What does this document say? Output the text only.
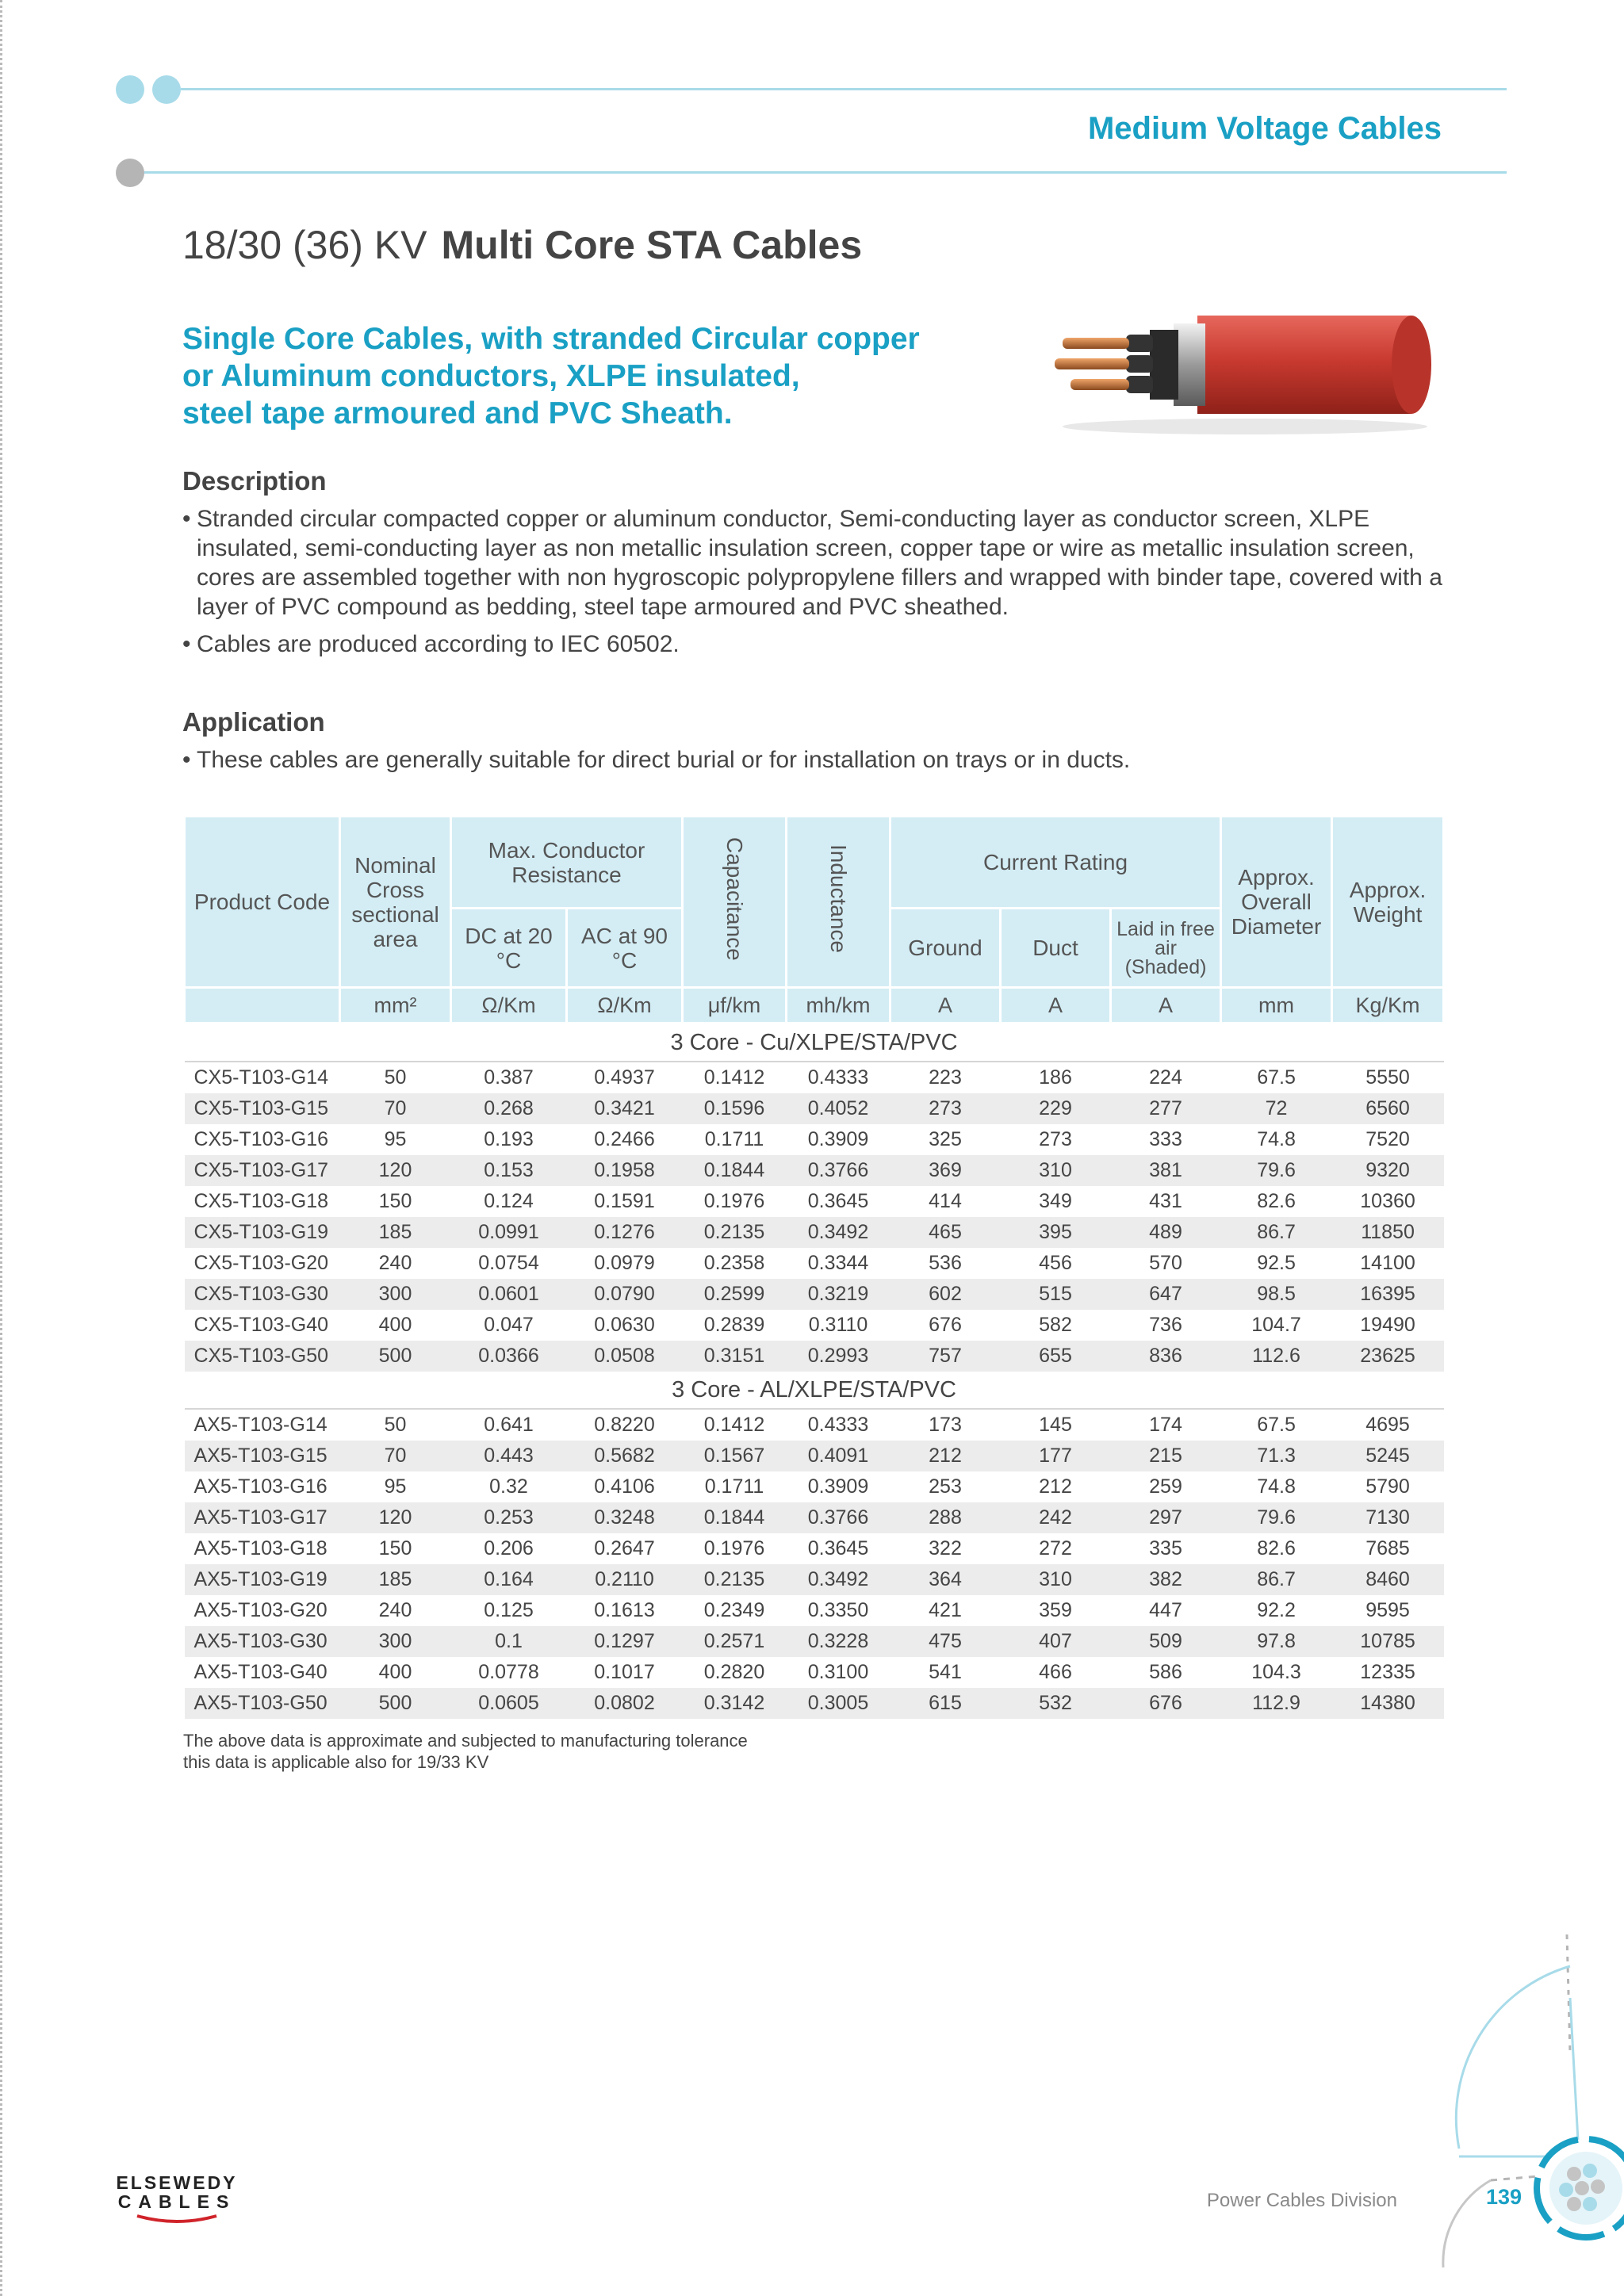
Medium Voltage Cables
18/30 (36) KV Multi Core STA Cables
Single Core Cables, with stranded Circular copper
or Aluminum conductors, XLPE insulated,
steel tape armoured and PVC Sheath.
Description
• Stranded circular compacted copper or aluminum conductor, Semi-conducting layer as conductor screen, XLPE insulated, semi-conducting layer as non metallic insulation screen, copper tape or wire as metallic insulation screen, cores are assembled together with non hygroscopic polypropylene fillers and wrapped with binder tape, covered with a layer of PVC compound as bedding, steel tape armoured and PVC sheathed.
• Cables are produced according to IEC 60502.
Application
• These cables are generally suitable for direct burial or for installation on trays or in ducts.
Product Code	Nominal Cross sectional area	Max. Conductor Resistance		Capacitance	Inductance	Current Rating			Approx. Overall Diameter	Approx. Weight
		DC at 20 °C	AC at 90 °C			Ground	Duct	Laid in free air (Shaded)		
	mm²	Ω/Km	Ω/Km	μf/km	mh/km	A	A	A	mm	Kg/Km
3 Core - Cu/XLPE/STA/PVC										
CX5-T103-G14	50	0.387	0.4937	0.1412	0.4333	223	186	224	67.5	5550
CX5-T103-G15	70	0.268	0.3421	0.1596	0.4052	273	229	277	72	6560
CX5-T103-G16	95	0.193	0.2466	0.1711	0.3909	325	273	333	74.8	7520
CX5-T103-G17	120	0.153	0.1958	0.1844	0.3766	369	310	381	79.6	9320
CX5-T103-G18	150	0.124	0.1591	0.1976	0.3645	414	349	431	82.6	10360
CX5-T103-G19	185	0.0991	0.1276	0.2135	0.3492	465	395	489	86.7	11850
CX5-T103-G20	240	0.0754	0.0979	0.2358	0.3344	536	456	570	92.5	14100
CX5-T103-G30	300	0.0601	0.0790	0.2599	0.3219	602	515	647	98.5	16395
CX5-T103-G40	400	0.047	0.0630	0.2839	0.3110	676	582	736	104.7	19490
CX5-T103-G50	500	0.0366	0.0508	0.3151	0.2993	757	655	836	112.6	23625
3 Core - AL/XLPE/STA/PVC										
AX5-T103-G14	50	0.641	0.8220	0.1412	0.4333	173	145	174	67.5	4695
AX5-T103-G15	70	0.443	0.5682	0.1567	0.4091	212	177	215	71.3	5245
AX5-T103-G16	95	0.32	0.4106	0.1711	0.3909	253	212	259	74.8	5790
AX5-T103-G17	120	0.253	0.3248	0.1844	0.3766	288	242	297	79.6	7130
AX5-T103-G18	150	0.206	0.2647	0.1976	0.3645	322	272	335	82.6	7685
AX5-T103-G19	185	0.164	0.2110	0.2135	0.3492	364	310	382	86.7	8460
AX5-T103-G20	240	0.125	0.1613	0.2349	0.3350	421	359	447	92.2	9595
AX5-T103-G30	300	0.1	0.1297	0.2571	0.3228	475	407	509	97.8	10785
AX5-T103-G40	400	0.0778	0.1017	0.2820	0.3100	541	466	586	104.3	12335
AX5-T103-G50	500	0.0605	0.0802	0.3142	0.3005	615	532	676	112.9	14380
The above data is approximate and subjected to manufacturing tolerance
this data is applicable also for 19/33 KV
ELSEWEDY
CABLES	Power Cables Division	139
